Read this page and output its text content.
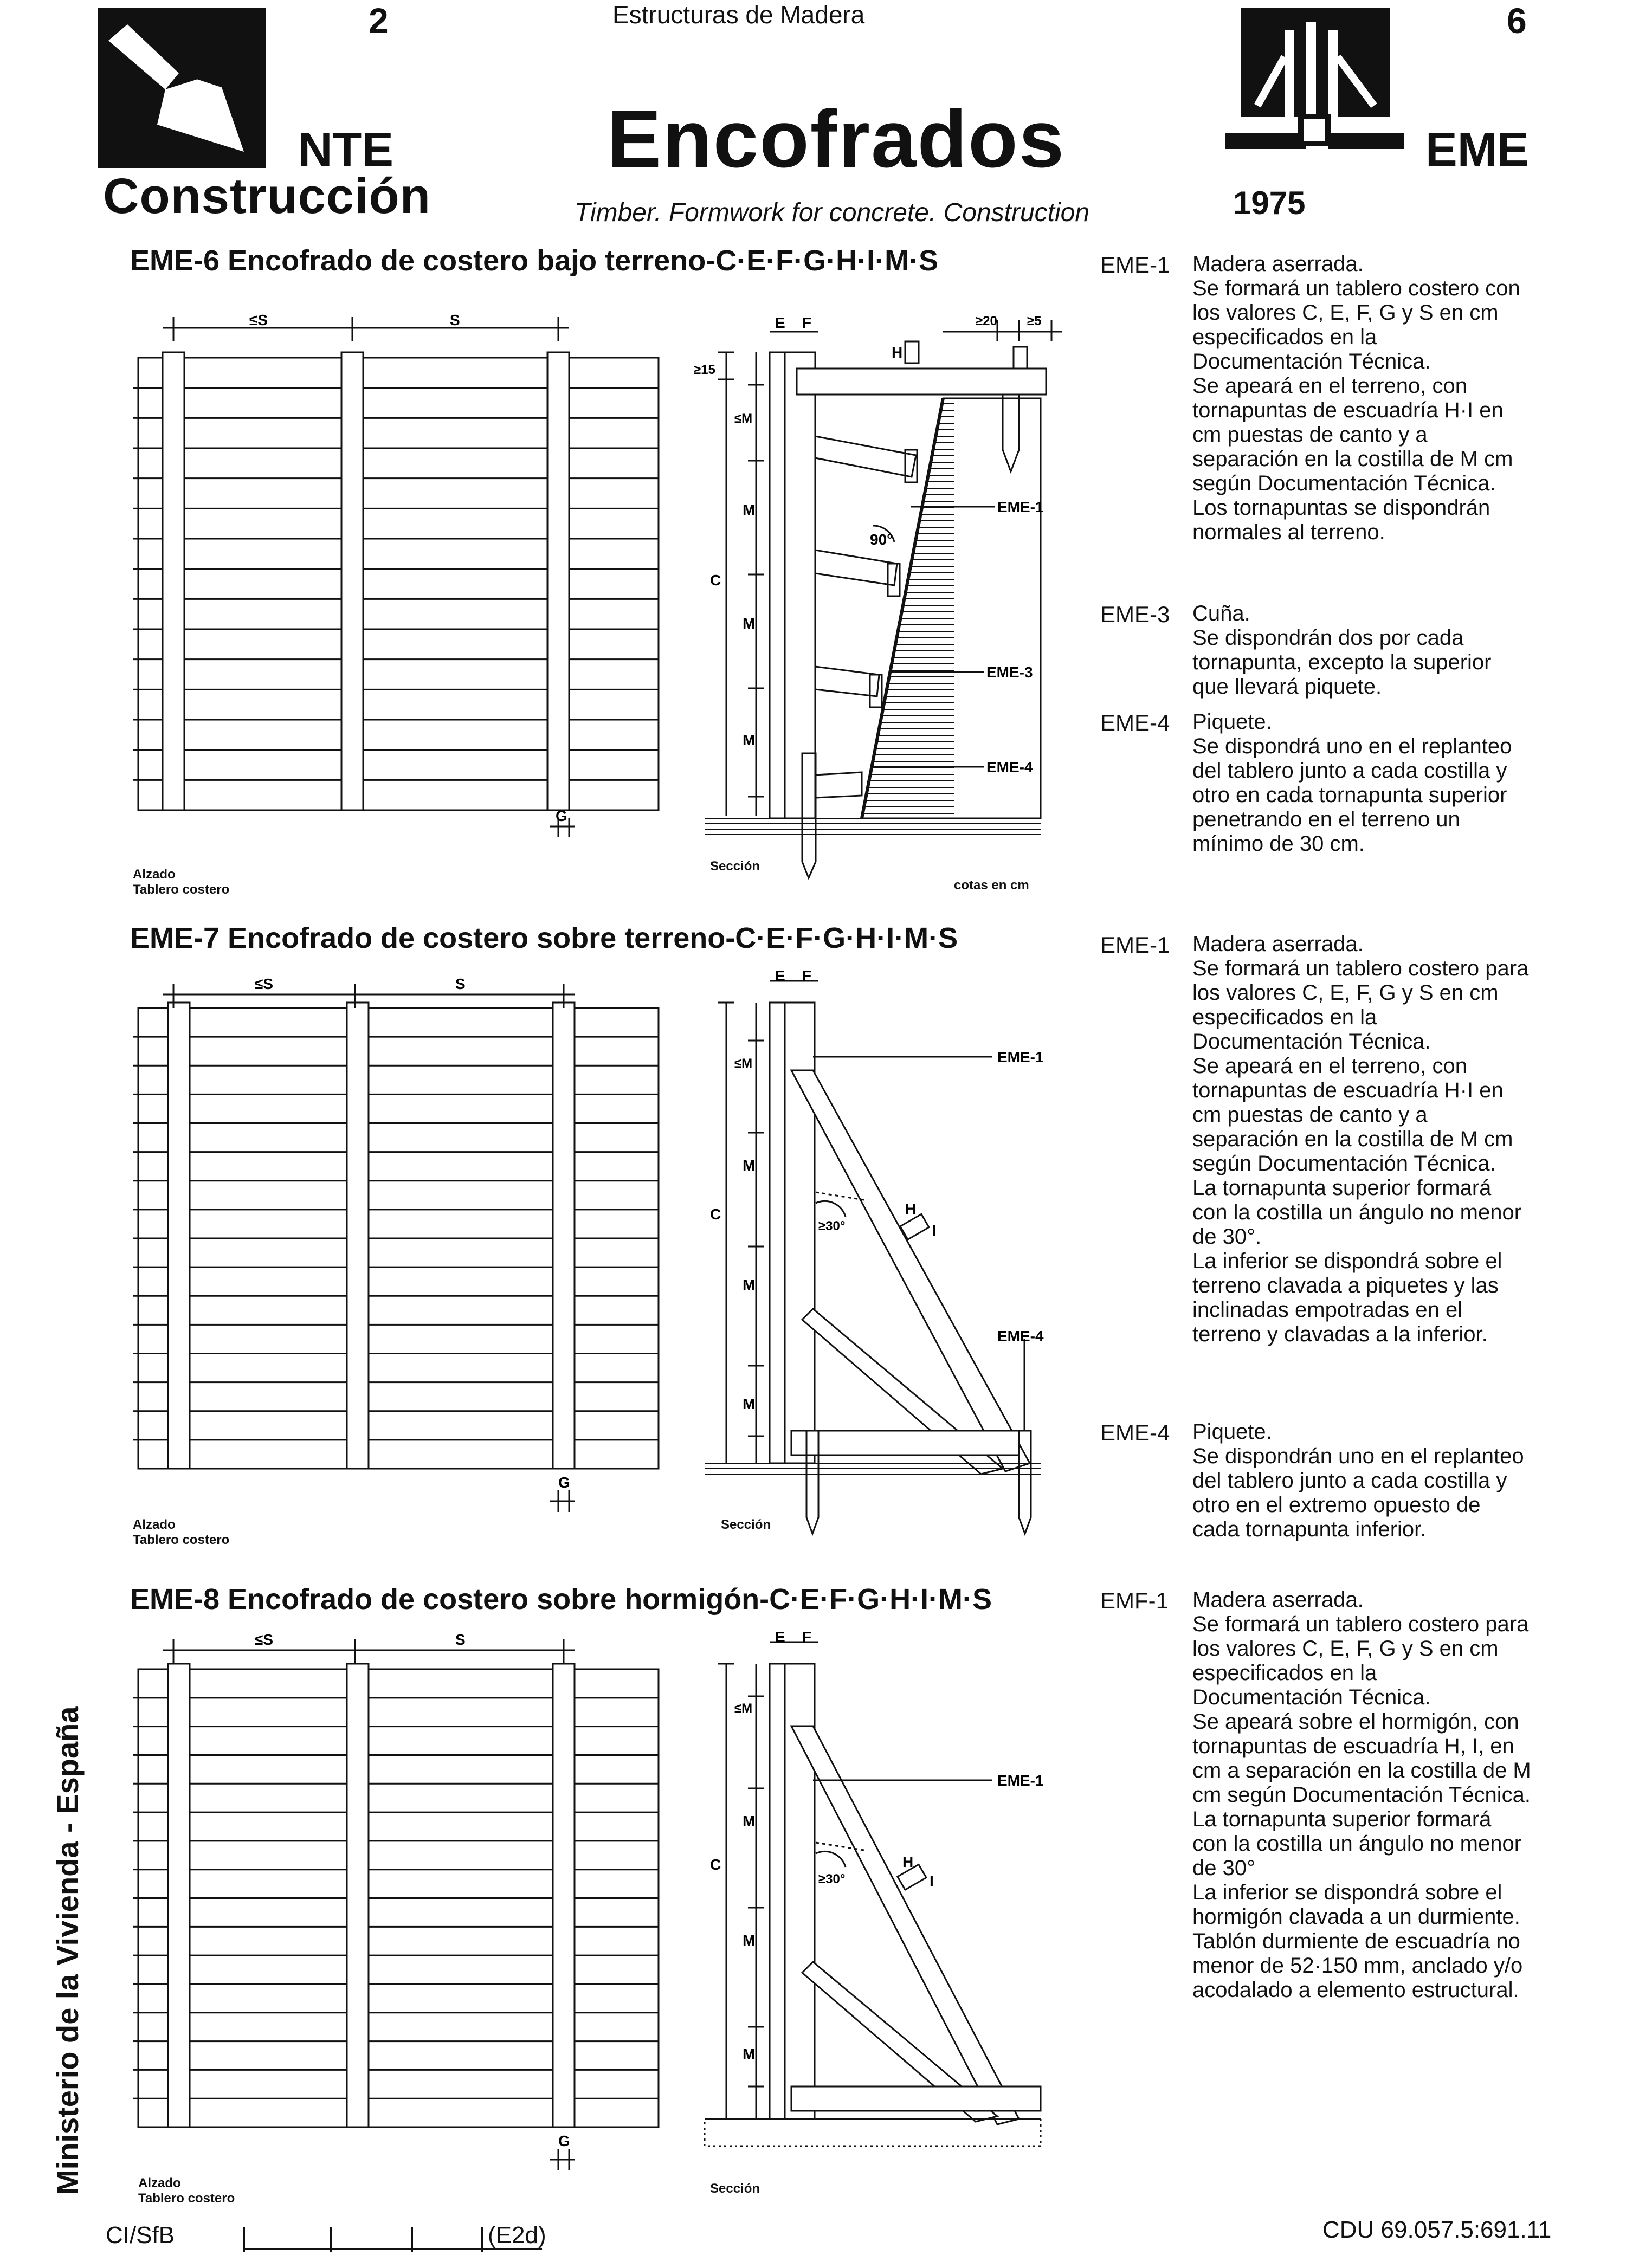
2
NTE
Construcción
Estructuras de Madera
Encofrados
Timber. Formwork for concrete. Construction
6
EME
1975
EME-6 Encofrado de costero bajo terreno-C·E·F·G·H·I·M·S
EME-7 Encofrado de costero sobre terreno-C·E·F·G·H·I·M·S
EME-8 Encofrado de costero sobre hormigón-C·E·F·G·H·I·M·S
≤S	S
G
E F
H
≥15
≥20 ≥5
≤M
C
M
M
M
90°
EME-1
EME-3
EME-4
≤S	S
G
E F
≤M
C
M
M
M
≥30°
H
I
EME-1
EME-4
≤S	S
G
E F
≤M
C
M
M
M
≥30°
H
I
EME-1
Alzado
Tablero costero
Sección
cotas en cm
Alzado
Tablero costero
Sección
Alzado
Tablero costero
Sección
EME-1	Madera aserrada.
Se formará un tablero costero con los valores C, E, F, G y S en cm especificados en la Documentación Técnica.
Se apeará en el terreno, con tornapuntas de escuadría H·I en cm puestas de canto y a separación en la costilla de M cm según Documentación Técnica. Los tornapuntas se dispondrán normales al terreno.
EME-3	Cuña.
Se dispondrán dos por cada tornapunta, excepto la superior que llevará piquete.
EME-4	Piquete.
Se dispondrá uno en el replanteo del tablero junto a cada costilla y otro en cada tornapunta superior penetrando en el terreno un mínimo de 30 cm.
EME-1	Madera aserrada.
Se formará un tablero costero para los valores C, E, F, G y S en cm especificados en la Documentación Técnica.
Se apeará en el terreno, con tornapuntas de escuadría H·I en cm puestas de canto y a separación en la costilla de M cm según Documentación Técnica.
La tornapunta superior formará con la costilla un ángulo no menor de 30°.
La inferior se dispondrá sobre el terreno clavada a piquetes y las inclinadas empotradas en el terreno y clavadas a la inferior.
EME-4	Piquete.
Se dispondrán uno en el replanteo del tablero junto a cada costilla y otro en el extremo opuesto de cada tornapunta inferior.
EMF-1	Madera aserrada.
Se formará un tablero costero para los valores C, E, F, G y S en cm especificados en la Documentación Técnica.
Se apeará sobre el hormigón, con tornapuntas de escuadría H, I, en cm a separación en la costilla de M cm según Documentación Técnica.
La tornapunta superior formará con la costilla un ángulo no menor de 30°
La inferior se dispondrá sobre el hormigón clavada a un durmiente.
Tablón durmiente de escuadría no menor de 52·150 mm, anclado y/o acodalado a elemento estructural.
Ministerio de la Vivienda - España
CI/SfB	(E2d)	CDU 69.057.5:691.11
